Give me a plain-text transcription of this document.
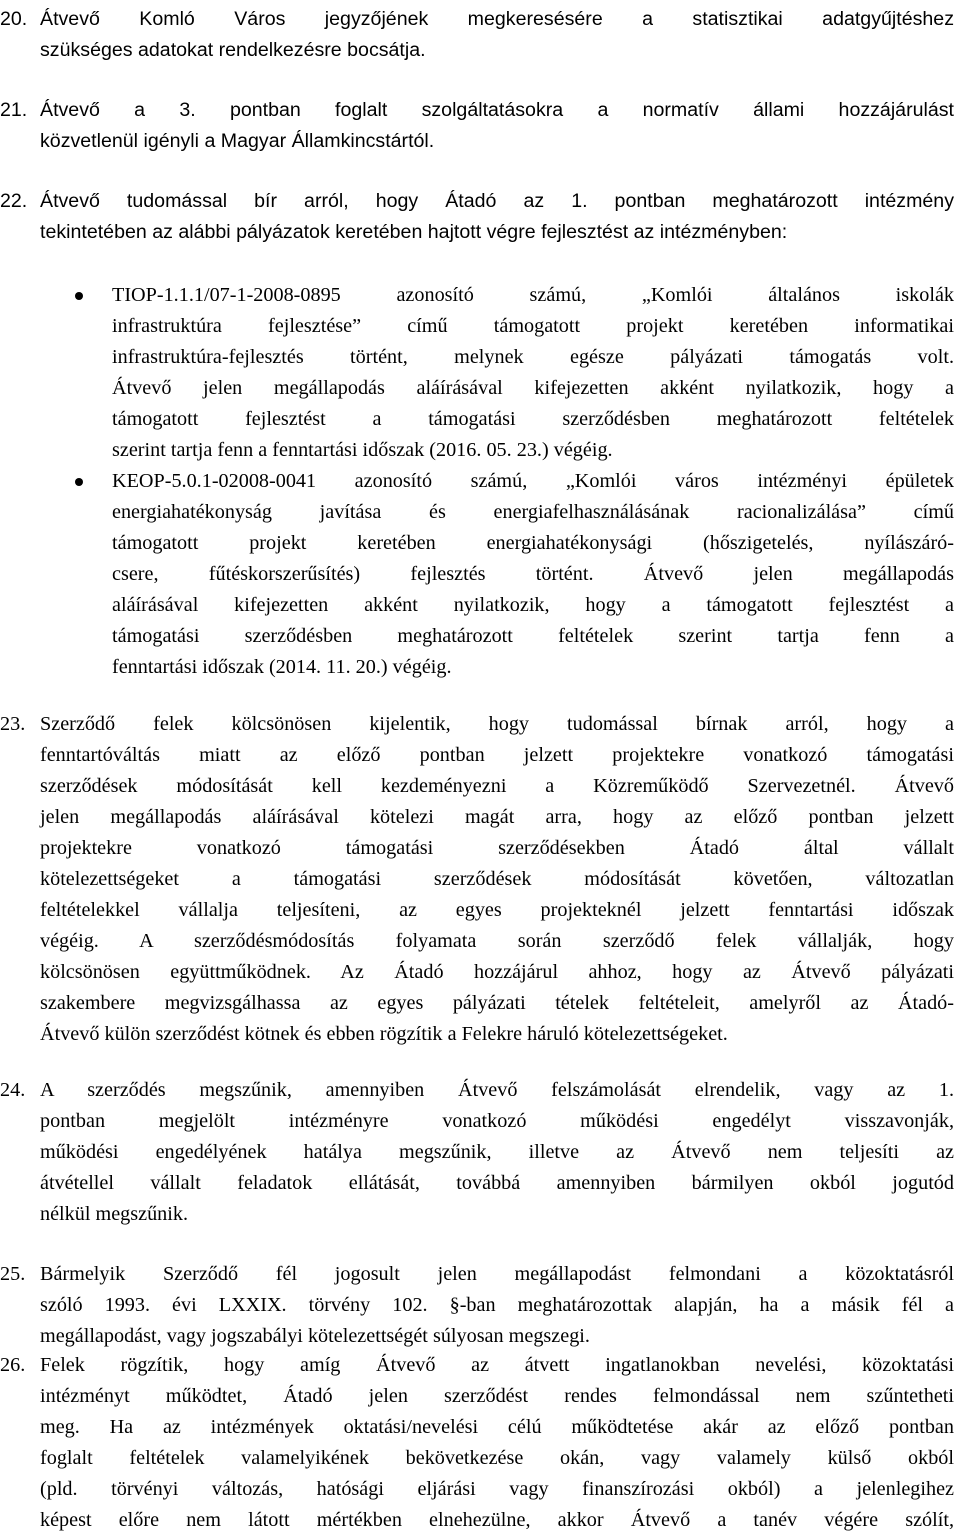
20. Átvevő Komló Város jegyzőjének megkeresésére a statisztikai adatgyűjtéshez
szükséges adatokat rendelkezésre bocsátja.
21. Átvevő a 3. pontban foglalt szolgáltatásokra a normatív állami hozzájárulást
közvetlenül igényli a Magyar Államkincstártól.
22. Átvevő tudomással bír arról, hogy Átadó az 1. pontban meghatározott intézmény
tekintetében az alábbi pályázatok keretében hajtott végre fejlesztést az intézményben:
TIOP-1.1.1/07-1-2008-0895 azonosító számú, „Komlói általános iskolák
infrastruktúra fejlesztése” című támogatott projekt keretében informatikai
infrastruktúra-fejlesztés történt, melynek egésze pályázati támogatás volt.
Átvevő jelen megállapodás aláírásával kifejezetten akként nyilatkozik, hogy a
támogatott fejlesztést a támogatási szerződésben meghatározott feltételek
szerint tartja fenn a fenntartási időszak (2016. 05. 23.) végéig.
KEOP-5.0.1-02008-0041 azonosító számú, „Komlói város intézményi épületek
energiahatékonyság javítása és energiafelhasználásának racionalizálása” című
támogatott projekt keretében energiahatékonysági (hőszigetelés, nyílászáró-
csere, fűtéskorszerűsítés) fejlesztés történt. Átvevő jelen megállapodás
aláírásával kifejezetten akként nyilatkozik, hogy a támogatott fejlesztést a
támogatási szerződésben meghatározott feltételek szerint tartja fenn a
fenntartási időszak (2014. 11. 20.) végéig.
23. Szerződő felek kölcsönösen kijelentik, hogy tudomással bírnak arról, hogy a
fenntartóváltás miatt az előző pontban jelzett projektekre vonatkozó támogatási
szerződések módosítását kell kezdeményezni a Közreműködő Szervezetnél. Átvevő
jelen megállapodás aláírásával kötelezi magát arra, hogy az előző pontban jelzett
projektekre vonatkozó támogatási szerződésekben Átadó által vállalt
kötelezettségeket a támogatási szerződések módosítását követően, változatlan
feltételekkel vállalja teljesíteni, az egyes projekteknél jelzett fenntartási időszak
végéig. A szerződésmódosítás folyamata során szerződő felek vállalják, hogy
kölcsönösen együttműködnek. Az Átadó hozzájárul ahhoz, hogy az Átvevő pályázati
szakembere megvizsgálhassa az egyes pályázati tételek feltételeit, amelyről az Átadó-
Átvevő külön szerződést kötnek és ebben rögzítik a Felekre háruló kötelezettségeket.
24. A szerződés megszűnik, amennyiben Átvevő felszámolását elrendelik, vagy az 1.
pontban megjelölt intézményre vonatkozó működési engedélyt visszavonják,
működési engedélyének hatálya megszűnik, illetve az Átvevő nem teljesíti az
átvétellel vállalt feladatok ellátását, továbbá amennyiben bármilyen okból jogutód
nélkül megszűnik.
25. Bármelyik Szerződő fél jogosult jelen megállapodást felmondani a közoktatásról
szóló 1993. évi LXXIX. törvény 102. §-ban meghatározottak alapján, ha a másik fél a
megállapodást, vagy jogszabályi kötelezettségét súlyosan megszegi.
26. Felek rögzítik, hogy amíg Átvevő az átvett ingatlanokban nevelési, közoktatási
intézményt működtet, Átadó jelen szerződést rendes felmondással nem szűntetheti
meg. Ha az intézmények oktatási/nevelési célú működtetése akár az előző pontban
foglalt feltételek valamelyikének bekövetkezése okán, vagy valamely külső okból
(pld. törvényi változás, hatósági eljárási vagy finanszírozási okból) a jelenlegihez
képest előre nem látott mértékben elnehezülne, akkor Átvevő a tanév végére szólít,
